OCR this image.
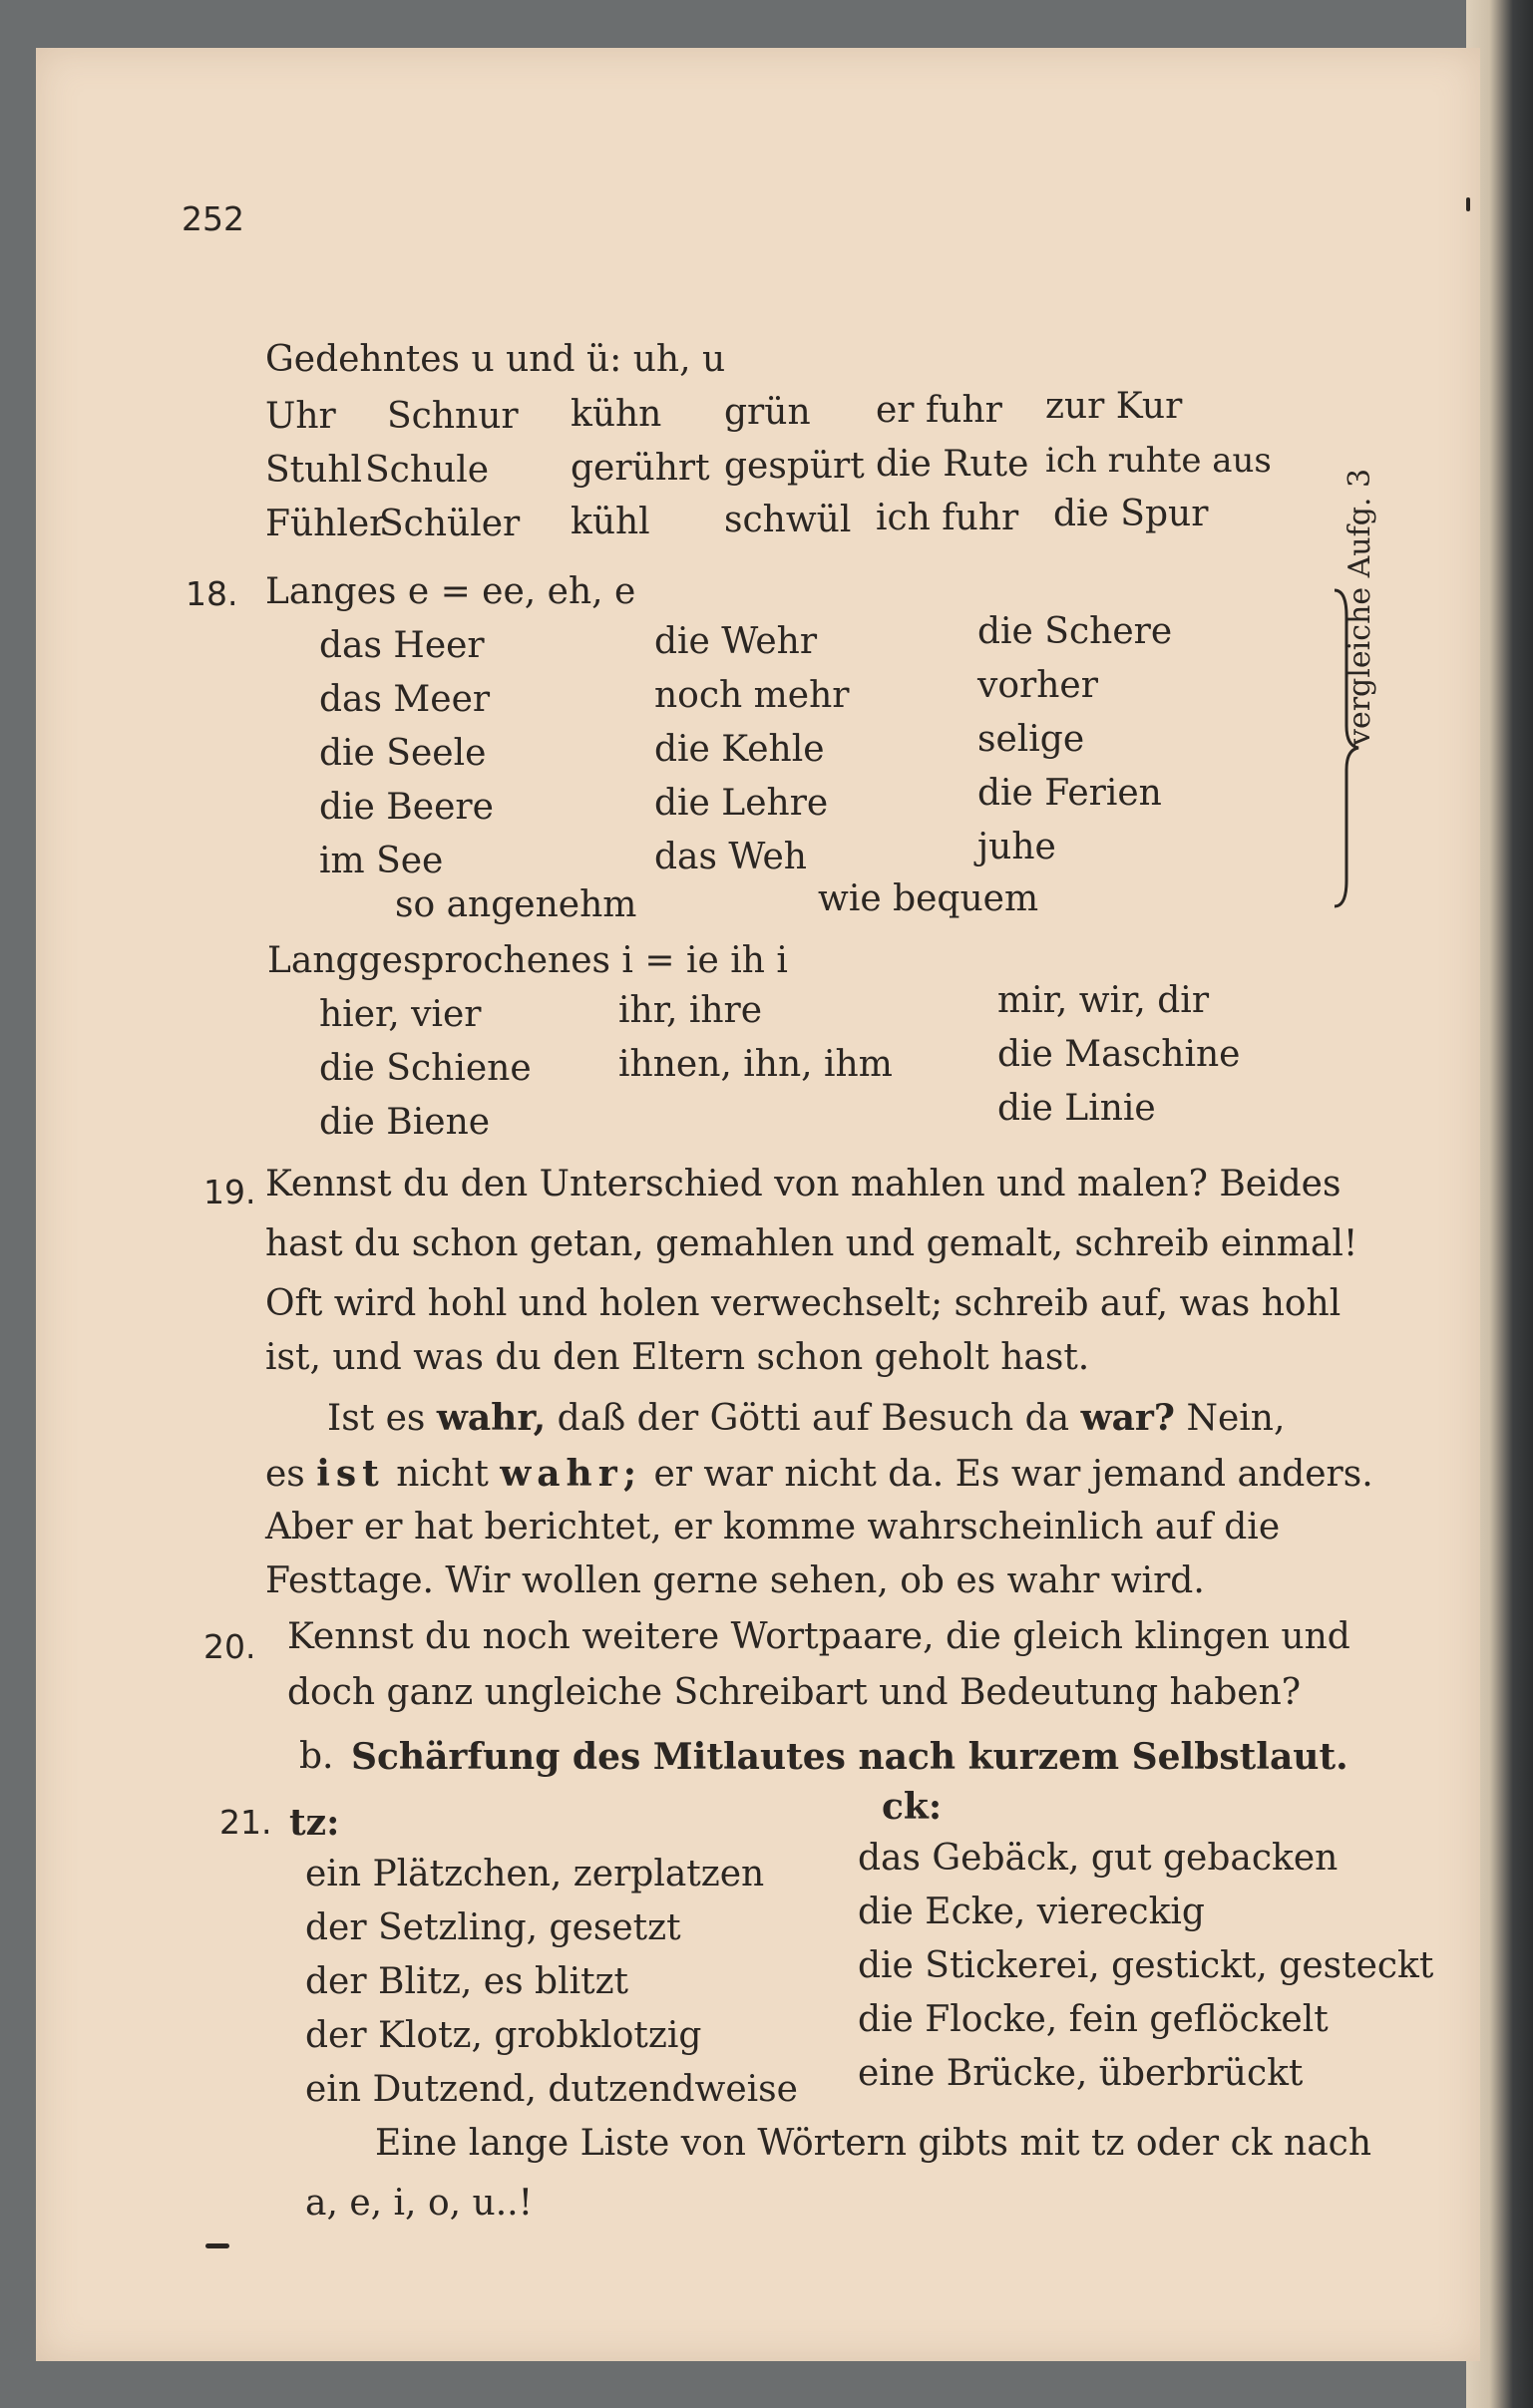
252
Gedehntes u und ü: uh, u
Uhr Schnur kühn grün er fuhr zur Kur
Stuhl Schule gerührt gespürt die Rute ich ruhte aus
Fühler
Schüler kühl schwül ich fuhr die Spur
18. Langes e = ee, eh, e
das Heer
das Meer
die Seele
die Beere
im See
die Wehr
noch mehr
die Kehle
die Lehre
das Weh
die Schere
vorher
selige
die Ferien
juhe
so angenehm	wie bequem
vergleiche Aufg. 3
Langgesprochenes i = ie ih i
hier, vier
die Schiene
die Biene
ihr, ihre
ihnen, ihn, ihm
mir, wir, dir
die Maschine
die Linie
19. Kennst du den Unterschied von mahlen und malen? Beides
hast du schon getan, gemahlen und gemalt, schreib einmal!
Oft wird hohl und holen verwechselt; schreib auf, was hohl
ist, und was du den Eltern schon geholt hast.
Ist es wahr, daß der Götti auf Besuch da war? Nein,
es ist nicht wahr; er war nicht da. Es war jemand anders.
Aber er hat berichtet, er komme wahrscheinlich auf die
Festtage. Wir wollen gerne sehen, ob es wahr wird.
20. Kennst du noch weitere Wortpaare, die gleich klingen und
doch ganz ungleiche Schreibart und Bedeutung haben?
b. Schärfung des Mitlautes nach kurzem Selbstlaut.
21. tz:	ck:
ein Plätzchen, zerplatzen
der Setzling, gesetzt
der Blitz, es blitzt
der Klotz, grobklotzig
ein Dutzend, dutzendweise
das Gebäck, gut gebacken
die Ecke, viereckig
die Stickerei, gestickt, gesteckt
die Flocke, fein geflöckelt
eine Brücke, überbrückt
Eine lange Liste von Wörtern gibts mit tz oder ck nach
a, e, i, o, u..!
